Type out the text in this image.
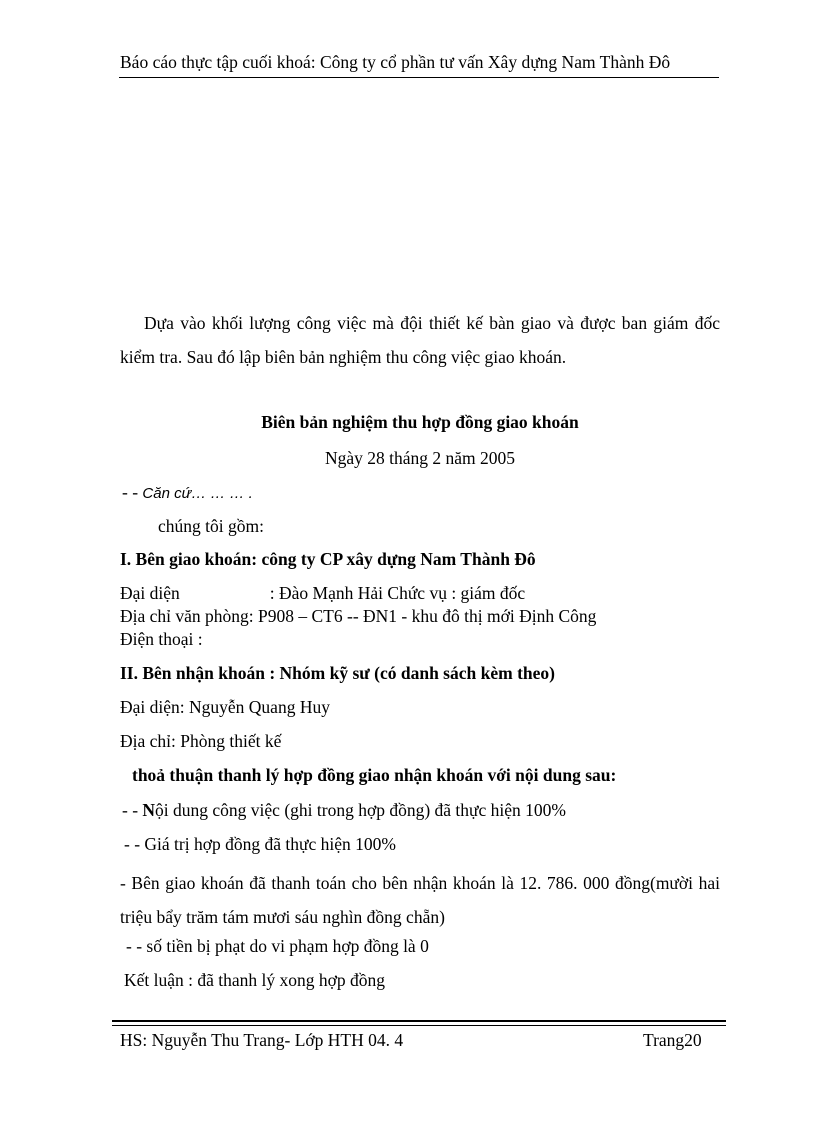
Báo cáo thực tập cuối khoá: Công ty cổ phần tư vấn Xây dựng Nam Thành Đô
Dựa vào khối lượng công việc mà đội thiết kế bàn giao và được ban giám đốc kiểm tra. Sau đó lập biên bản nghiệm thu công việc giao khoán.
Biên bản nghiệm thu hợp đồng giao khoán
Ngày 28 tháng 2 năm 2005
- - Căn cứ… … … .
chúng tôi gồm:
I. Bên giao khoán: công ty CP xây dựng Nam Thành Đô
Đại diện	: Đào Mạnh Hải Chức vụ : giám đốc
Địa chỉ văn phòng: P908 – CT6 -- ĐN1 - khu đô thị mới Định Công
Điện thoại :
II. Bên nhận khoán : Nhóm kỹ sư (có danh sách kèm theo)
Đại diện: Nguyễn Quang Huy
Địa chỉ: Phòng thiết kế
thoả thuận thanh lý hợp đồng giao nhận khoán với nội dung sau:
- - Nội dung công việc (ghi trong hợp đồng) đã thực hiện 100%
- - Giá trị hợp đồng đã thực hiện 100%
- Bên giao khoán đã thanh toán cho bên nhận khoán là 12. 786. 000 đồng(mười hai triệu bẩy trăm tám mươi sáu nghìn đồng chẵn)
- - số tiền bị phạt do vi phạm hợp đồng là 0
Kết luận : đã thanh lý xong hợp đồng
HS: Nguyễn Thu Trang- Lớp HTH 04. 4	Trang20
